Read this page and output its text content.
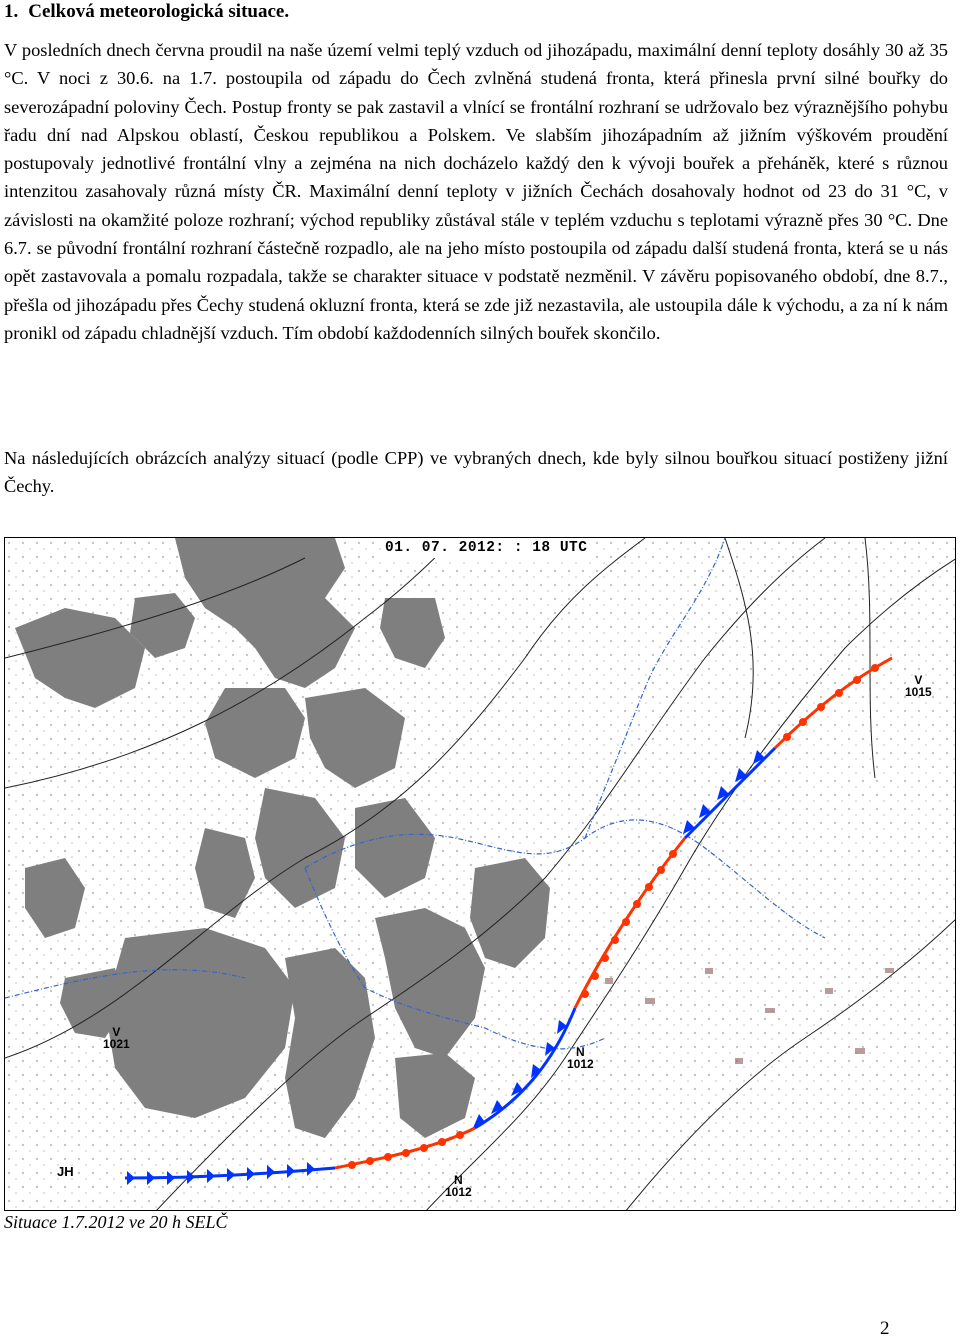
1. Celková meteorologická situace.

V posledních dnech června proudil na naše území velmi teplý vzduch od jihozápadu, maximální denní teploty dosáhly 30 až 35 °C. V noci z 30.6. na 1.7. postoupila od západu do Čech zvlněná studená fronta, která přinesla první silné bouřky do severozápadní poloviny Čech. Postup fronty se pak zastavil a vlnící se frontální rozhraní se udržovalo bez výraznějšího pohybu řadu dní nad Alpskou oblastí, Českou republikou a Polskem. Ve slabším jihozápadním až jižním výškovém proudění postupovaly jednotlivé frontální vlny a zejména na nich docházelo každý den k vývoji bouřek a přeháněk, které s různou intenzitou zasahovaly různá místy ČR. Maximální denní teploty v jižních Čechách dosahovaly hodnot od 23 do 31 °C, v závislosti na okamžité poloze rozhraní; východ republiky zůstával stále v teplém vzduchu s teplotami výrazně přes 30 °C. Dne 6.7. se původní frontální rozhraní částečně rozpadlo, ale na jeho místo postoupila od západu další studená fronta, která se u nás opět zastavovala a pomalu rozpadala, takže se charakter situace v podstatě nezměnil. V závěru popisovaného období, dne 8.7., přešla od jihozápadu přes Čechy studená okluzní fronta, která se zde již nezastavila, ale ustoupila dále k východu, a za ní k nám pronikl od západu chladnější vzduch. Tím období každodenních silných bouřek skončilo.

Na následujících obrázcích analýzy situací (podle CPP) ve vybraných dnech, kde byly silnou bouřkou situací postiženy jižní Čechy.

01. 07. 2012: : 18 UTC
V
1015
V
1021
N
1012
N
1012
JH
Situace 1.7.2012 ve 20 h SELČ
2
